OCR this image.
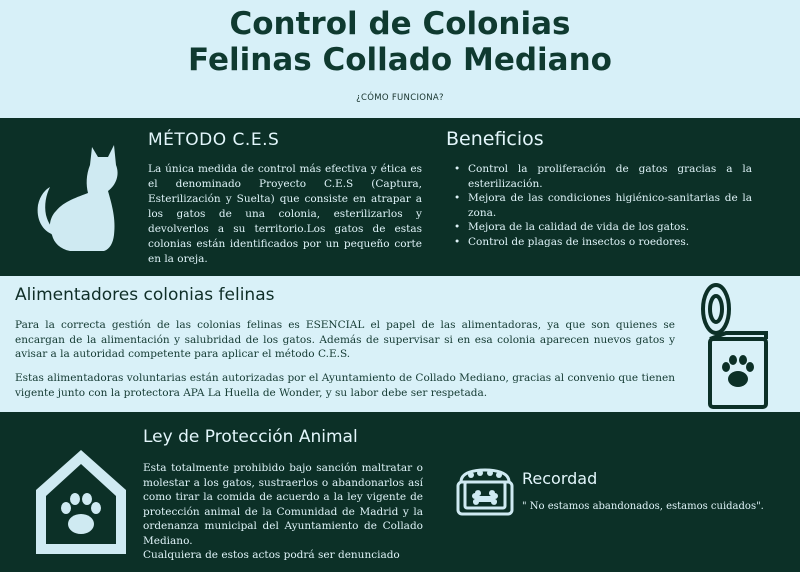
Control de Colonias
Felinas Collado Mediano
¿CÓMO FUNCIONA?
MÉTODO C.E.S

La única medida de control más efectiva y ética es el denominado Proyecto C.E.S (Captura, Esterilización y Suelta) que consiste en atrapar a los gatos de una colonia, esterilizarlos y devolverlos a su territorio.Los gatos de estas colonias están identificados por un pequeño corte en la oreja.

Beneficios
• Control la proliferación de gatos gracias a la esterilización.
• Mejora de las condiciones higiénico-sanitarias de la zona.
• Mejora de la calidad de vida de los gatos.
• Control de plagas de insectos o roedores.
Alimentadores colonias felinas

Para la correcta gestión de las colonias felinas es ESENCIAL el papel de las alimentadoras, ya que son quienes se encargan de la alimentación y salubridad de los gatos. Además de supervisar si en esa colonia aparecen nuevos gatos y avisar a la autoridad competente para aplicar el método C.E.S.

Estas alimentadoras voluntarias están autorizadas por el Ayuntamiento de Collado Mediano, gracias al convenio que tienen vigente junto con la protectora APA La Huella de Wonder, y su labor debe ser respetada.

Ley de Protección Animal

Esta totalmente prohibido bajo sanción maltratar o molestar a los gatos, sustraerlos o abandonarlos así como tirar la comida de acuerdo a la ley vigente de protección animal de la Comunidad de Madrid y la ordenanza municipal del Ayuntamiento de Collado Mediano.
Cualquiera de estos actos podrá ser denunciado

Recordad

" No estamos abandonados, estamos cuidados".
